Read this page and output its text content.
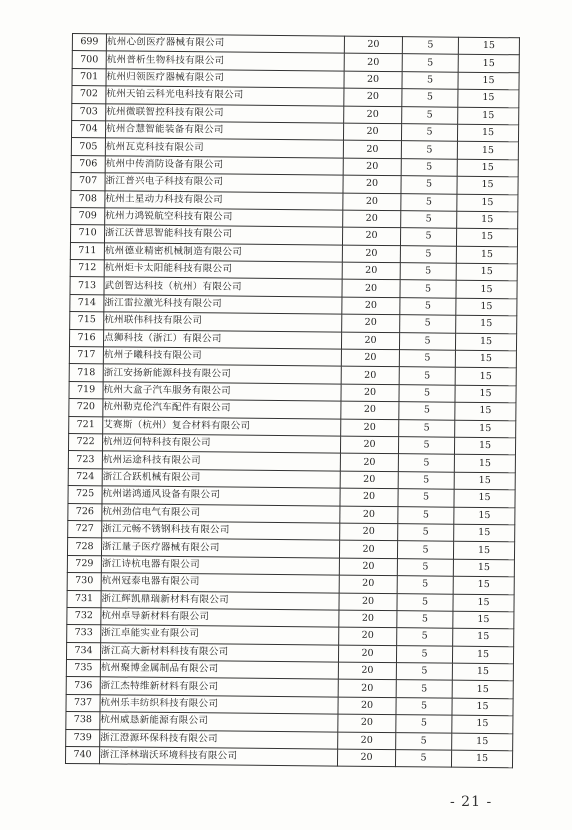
699	杭州心创医疗器械有限公司	20	5	15
700	杭州普析生物科技有限公司	20	5	15
701	杭州归领医疗器械有限公司	20	5	15
702	杭州天铂云科光电科技有限公司	20	5	15
703	杭州微联智控科技有限公司	20	5	15
704	杭州合慧智能装备有限公司	20	5	15
705	杭州瓦克科技有限公司	20	5	15
706	杭州中传消防设备有限公司	20	5	15
707	浙江普兴电子科技有限公司	20	5	15
708	杭州土星动力科技有限公司	20	5	15
709	杭州力鸿锐航空科技有限公司	20	5	15
710	浙江沃普思智能科技有限公司	20	5	15
711	杭州德业精密机械制造有限公司	20	5	15
712	杭州炬卡太阳能科技有限公司	20	5	15
713	武创智达科技（杭州）有限公司	20	5	15
714	浙江雷拉激光科技有限公司	20	5	15
715	杭州联伟科技有限公司	20	5	15
716	点狮科技（浙江）有限公司	20	5	15
717	杭州子曦科技有限公司	20	5	15
718	浙江安扬新能源科技有限公司	20	5	15
719	杭州大盒子汽车服务有限公司	20	5	15
720	杭州勒克伦汽车配件有限公司	20	5	15
721	艾赛斯（杭州）复合材料有限公司	20	5	15
722	杭州迈何特科技有限公司	20	5	15
723	杭州运途科技有限公司	20	5	15
724	浙江合跃机械有限公司	20	5	15
725	杭州诺鸿通风设备有限公司	20	5	15
726	杭州劲信电气有限公司	20	5	15
727	浙江元畅不锈钢科技有限公司	20	5	15
728	浙江量子医疗器械有限公司	20	5	15
729	浙江诗杭电器有限公司	20	5	15
730	杭州冠泰电器有限公司	20	5	15
731	浙江辉凯鼎瑞新材料有限公司	20	5	15
732	杭州卓导新材料有限公司	20	5	15
733	浙江卓能实业有限公司	20	5	15
734	浙江高大新材料科技有限公司	20	5	15
735	杭州聚博金属制品有限公司	20	5	15
736	浙江杰特维新材料有限公司	20	5	15
737	杭州乐丰纺织科技有限公司	20	5	15
738	杭州威恳新能源有限公司	20	5	15
739	浙江澄源环保科技有限公司	20	5	15
740	浙江泽林瑞沃环境科技有限公司	20	5	15
- 21 -
